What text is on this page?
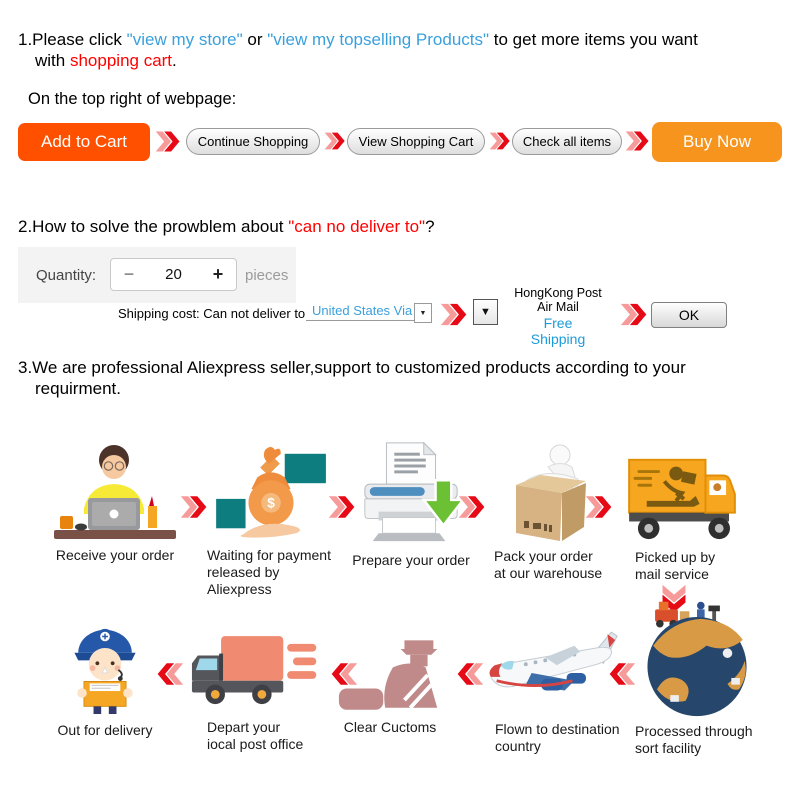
1.Please click "view my store" or "view my topselling Products" to get more items you want
with shopping cart.
On the top right of webpage:
Add to Cart	Continue Shopping	View Shopping Cart	Check all items	Buy Now
2.How to solve the prowblem about "can no deliver to"?
Quantity:	−	20	+	pieces
Shipping cost: Can not deliver to United States Via	▼	▼
HongKong Post
Air Mail
Free
Shipping
OK
3.We are professional Aliexpress seller,support to customized products according to your
requirment.
Receive your order
$
Waiting for payment
released by Aliexpress
Prepare your order	Pack your order
at our warehouse
Picked up by
mail service
Out for delivery	Depart your
iocal post office
Clear Cuctoms	Flown to destination
country
Processed through
sort facility
